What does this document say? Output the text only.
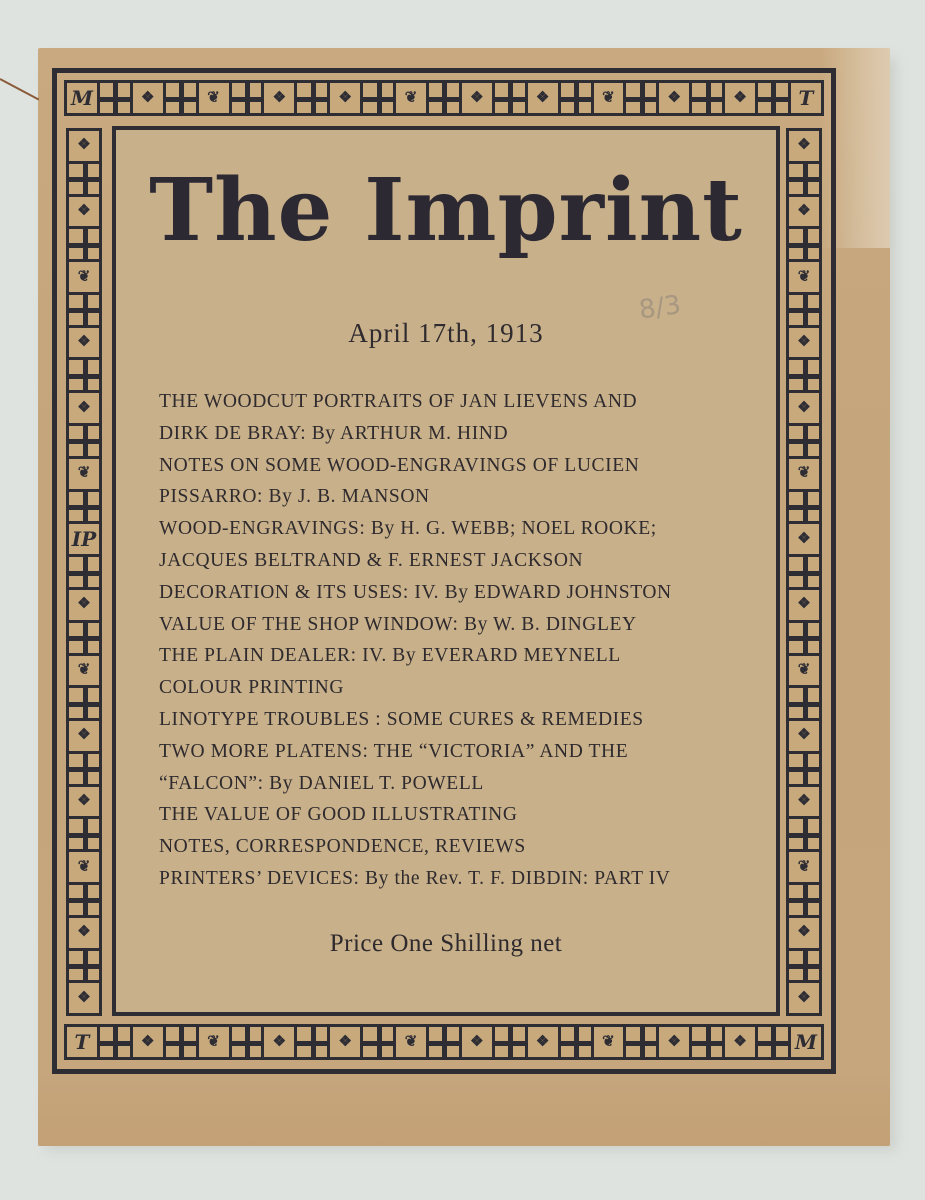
M	❖	❦	❖	❖	❦	❖	❖	❦	❖	❖	T
T	❖	❦	❖	❖	❦	❖	❖	❦	❖	❖ M
❖
❖
❦
❖
❖
❦
IP
❖
❦
❖
❖
❦
❖
❖
❖
❖
❦
❖
❖
❦
❖
❖
❦
❖
❖
❦
❖
❖
The Imprint
8/3
April 17th, 1913
THE WOODCUT PORTRAITS OF JAN LIEVENS AND
DIRK DE BRAY: By ARTHUR M. HIND
NOTES ON SOME WOOD-ENGRAVINGS OF LUCIEN
PISSARRO: By J. B. MANSON
WOOD-ENGRAVINGS: By H. G. WEBB; NOEL ROOKE;
JACQUES BELTRAND & F. ERNEST JACKSON
DECORATION & ITS USES: IV. By EDWARD JOHNSTON
VALUE OF THE SHOP WINDOW: By W. B. DINGLEY
THE PLAIN DEALER: IV. By EVERARD MEYNELL
COLOUR PRINTING
LINOTYPE TROUBLES : SOME CURES & REMEDIES
TWO MORE PLATENS: THE “VICTORIA” AND THE
“FALCON”: By DANIEL T. POWELL
THE VALUE OF GOOD ILLUSTRATING
NOTES, CORRESPONDENCE, REVIEWS
PRINTERS’ DEVICES: By the Rev. T. F. DIBDIN: PART IV
Price One Shilling net
